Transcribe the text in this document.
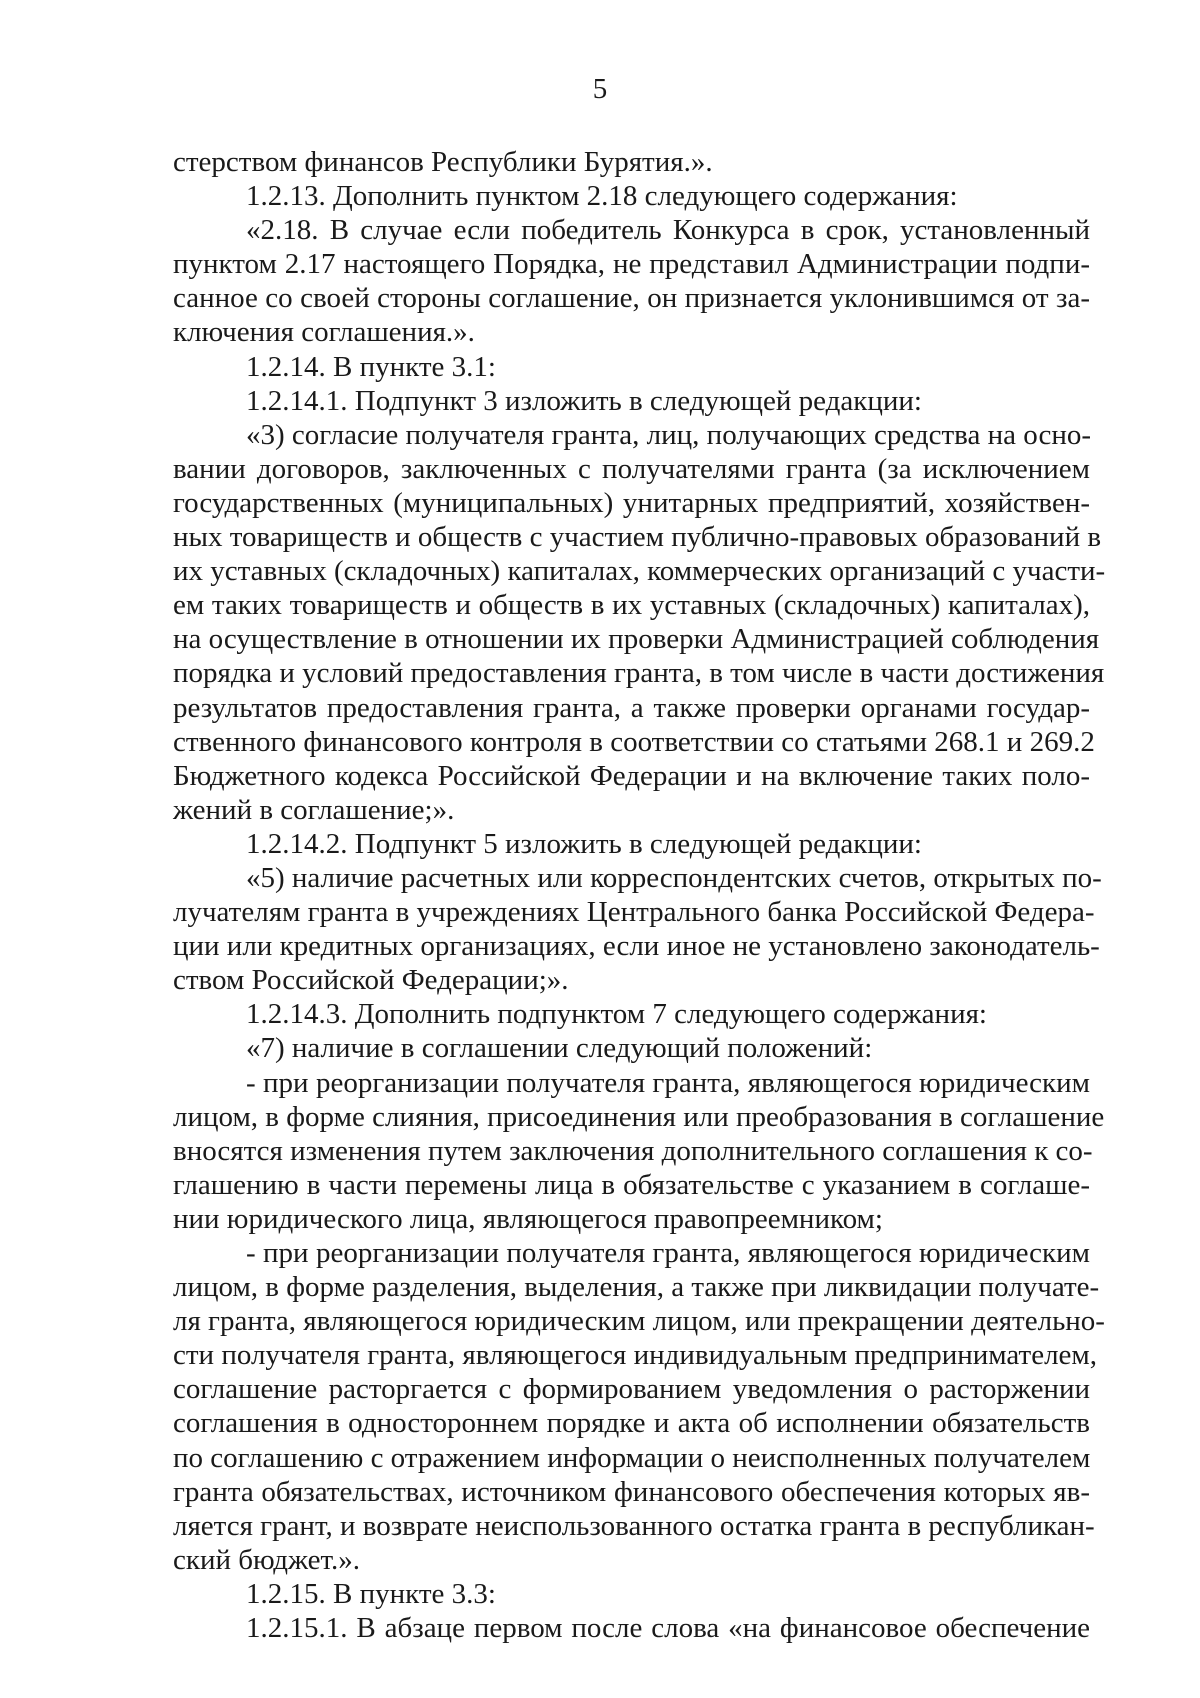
5
стерством финансов Республики Бурятия.».
1.2.13. Дополнить пунктом 2.18 следующего содержания:
«2.18. В случае если победитель Конкурса в срок, установленный
пунктом 2.17 настоящего Порядка, не представил Администрации подпи-
санное со своей стороны соглашение, он признается уклонившимся от за-
ключения соглашения.».
1.2.14. В пункте 3.1:
1.2.14.1. Подпункт 3 изложить в следующей редакции:
«3) согласие получателя гранта, лиц, получающих средства на осно-
вании договоров, заключенных с получателями гранта (за исключением
государственных (муниципальных) унитарных предприятий, хозяйствен-
ных товариществ и обществ с участием публично-правовых образований в
их уставных (складочных) капиталах, коммерческих организаций с участи-
ем таких товариществ и обществ в их уставных (складочных) капиталах),
на осуществление в отношении их проверки Администрацией соблюдения
порядка и условий предоставления гранта, в том числе в части достижения
результатов предоставления гранта, а также проверки органами государ-
ственного финансового контроля в соответствии со статьями 268.1 и 269.2
Бюджетного кодекса Российской Федерации и на включение таких поло-
жений в соглашение;».
1.2.14.2. Подпункт 5 изложить в следующей редакции:
«5) наличие расчетных или корреспондентских счетов, открытых по-
лучателям гранта в учреждениях Центрального банка Российской Федера-
ции или кредитных организациях, если иное не установлено законодатель-
ством Российской Федерации;».
1.2.14.3. Дополнить подпунктом 7 следующего содержания:
«7) наличие в соглашении следующий положений:
- при реорганизации получателя гранта, являющегося юридическим
лицом, в форме слияния, присоединения или преобразования в соглашение
вносятся изменения путем заключения дополнительного соглашения к со-
глашению в части перемены лица в обязательстве с указанием в соглаше-
нии юридического лица, являющегося правопреемником;
- при реорганизации получателя гранта, являющегося юридическим
лицом, в форме разделения, выделения, а также при ликвидации получате-
ля гранта, являющегося юридическим лицом, или прекращении деятельно-
сти получателя гранта, являющегося индивидуальным предпринимателем,
соглашение расторгается с формированием уведомления о расторжении
соглашения в одностороннем порядке и акта об исполнении обязательств
по соглашению с отражением информации о неисполненных получателем
гранта обязательствах, источником финансового обеспечения которых яв-
ляется грант, и возврате неиспользованного остатка гранта в республикан-
ский бюджет.».
1.2.15. В пункте 3.3:
1.2.15.1. В абзаце первом после слова «на финансовое обеспечение
